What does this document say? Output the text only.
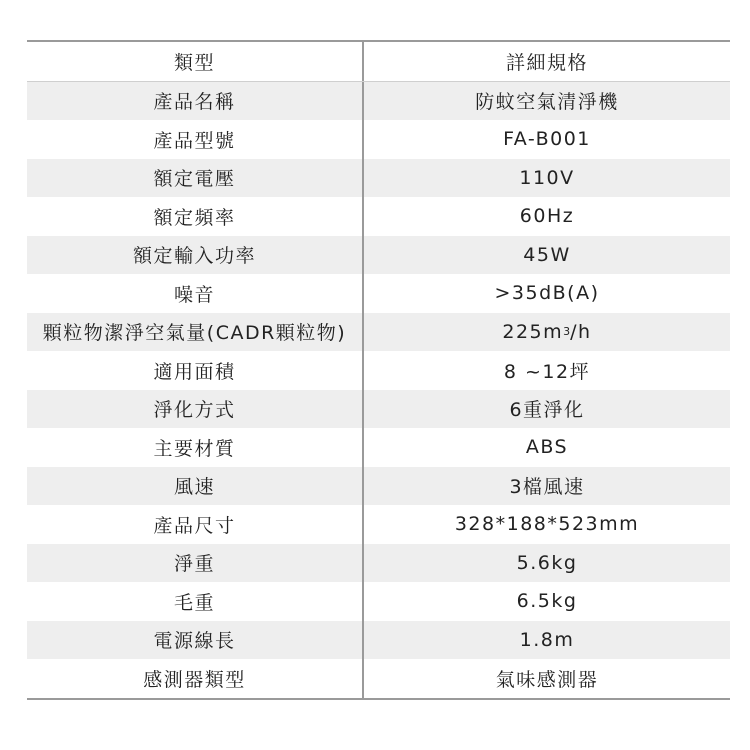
類型	詳細規格
產品名稱	防蚊空氣清淨機
產品型號	FA-B001
額定電壓	110V
額定頻率	60Hz
額定輸入功率	45W
噪音	>35dB(A)
顆粒物潔淨空氣量(CADR顆粒物)	225m 3 /h
適用面積	8 ~12坪
淨化方式	6重淨化
主要材質	ABS
風速	3檔風速
產品尺寸	328*188*523mm
淨重	5.6kg
毛重	6.5kg
電源線長	1.8m
感測器類型	氣味感測器
